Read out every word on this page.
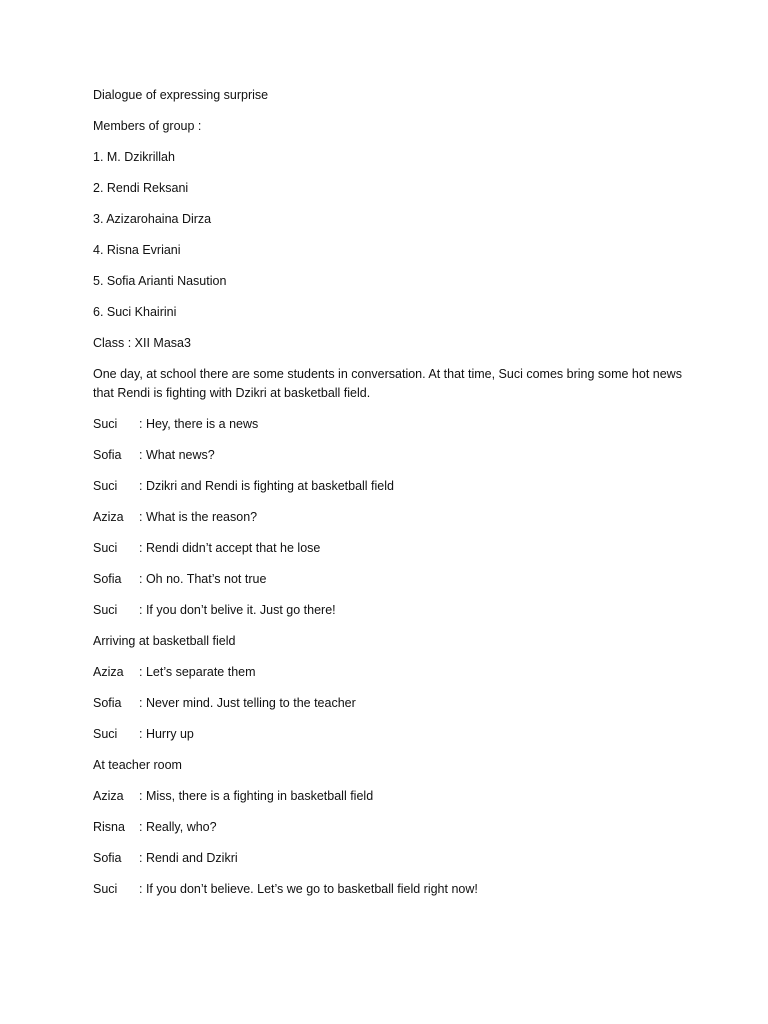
Dialogue of expressing surprise
Members of group :
1. M. Dzikrillah
2. Rendi Reksani
3. Azizarohaina Dirza
4. Risna Evriani
5. Sofia Arianti Nasution
6. Suci Khairini
Class : XII Masa3
One day, at school there are some students in conversation. At that time, Suci comes bring some hot news that Rendi is fighting with Dzikri at basketball field.
Suci	: Hey, there is a news
Sofia	: What news?
Suci	: Dzikri and Rendi is fighting at basketball field
Aziza	: What is the reason?
Suci	: Rendi didn’t accept that he lose
Sofia	: Oh no. That’s not true
Suci	: If you don’t belive it. Just go there!
Arriving at basketball field
Aziza	: Let’s separate them
Sofia	: Never mind. Just telling to the teacher
Suci	: Hurry up
At teacher room
Aziza	: Miss, there is a fighting in basketball field
Risna	: Really, who?
Sofia	: Rendi and Dzikri
Suci	: If you don’t believe. Let’s we go to basketball field right now!
